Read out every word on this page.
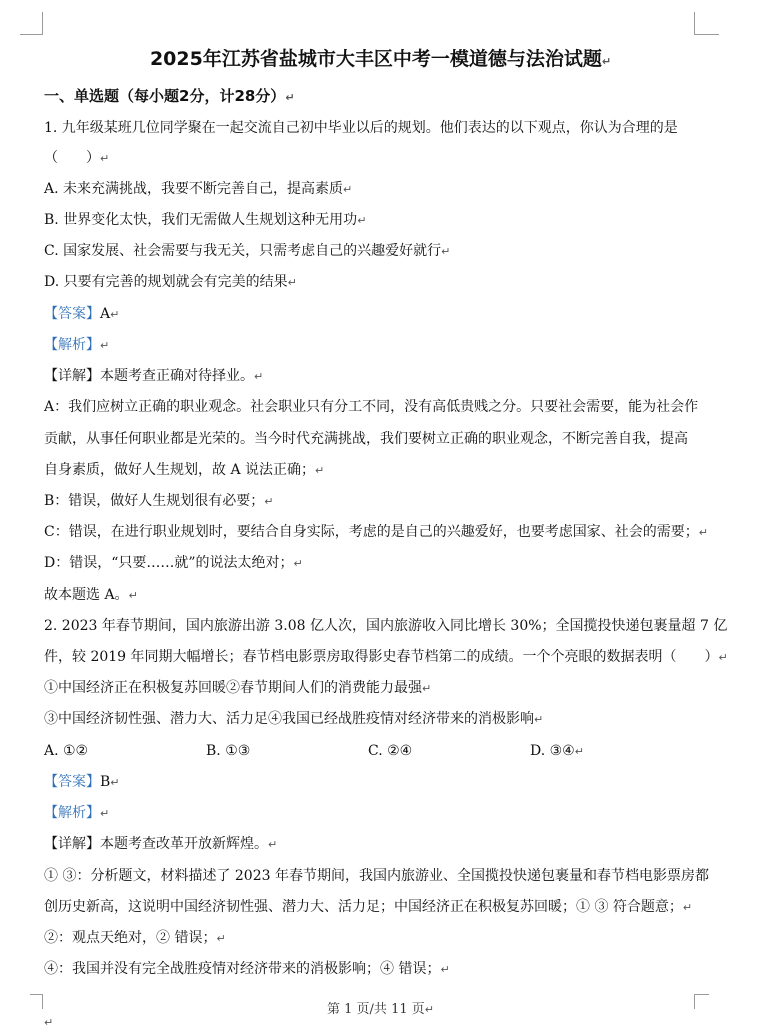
2025年江苏省盐城市大丰区中考一模道德与法治试题↵
一、单选题（每小题2分，计28分）↵
1. 九年级某班几位同学聚在一起交流自己初中毕业以后的规划。他们表达的以下观点，你认为合理的是
（　　）↵
A. 未来充满挑战，我要不断完善自己，提高素质↵
B. 世界变化太快，我们无需做人生规划这种无用功↵
C. 国家发展、社会需要与我无关，只需考虑自己的兴趣爱好就行↵
D. 只要有完善的规划就会有完美的结果↵
【答案】A↵
【解析】↵
【详解】本题考查正确对待择业。↵
A：我们应树立正确的职业观念。社会职业只有分工不同，没有高低贵贱之分。只要社会需要，能为社会作
贡献，从事任何职业都是光荣的。当今时代充满挑战，我们要树立正确的职业观念，不断完善自我，提高
自身素质，做好人生规划，故 A 说法正确；↵
B：错误，做好人生规划很有必要；↵
C：错误，在进行职业规划时，要结合自身实际，考虑的是自己的兴趣爱好，也要考虑国家、社会的需要；↵
D：错误，“只要……就”的说法太绝对；↵
故本题选 A。↵
2. 2023 年春节期间，国内旅游出游 3.08 亿人次，国内旅游收入同比增长 30%；全国揽投快递包裹量超 7 亿
件，较 2019 年同期大幅增长；春节档电影票房取得影史春节档第二的成绩。一个个亮眼的数据表明（　　）↵
①中国经济正在积极复苏回暖②春节期间人们的消费能力最强↵
③中国经济韧性强、潜力大、活力足④我国已经战胜疫情对经济带来的消极影响↵
A. ①②	B. ①③	C. ②④	D. ③④↵
【答案】B↵
【解析】↵
【详解】本题考查改革开放新辉煌。↵
① ③：分析题文，材料描述了 2023 年春节期间，我国内旅游业、全国揽投快递包裹量和春节档电影票房都
创历史新高，这说明中国经济韧性强、潜力大、活力足；中国经济正在积极复苏回暖；① ③ 符合题意；↵
②：观点天绝对，② 错误；↵
④：我国并没有完全战胜疫情对经济带来的消极影响；④ 错误；↵
第 1 页/共 11 页↵
↵
